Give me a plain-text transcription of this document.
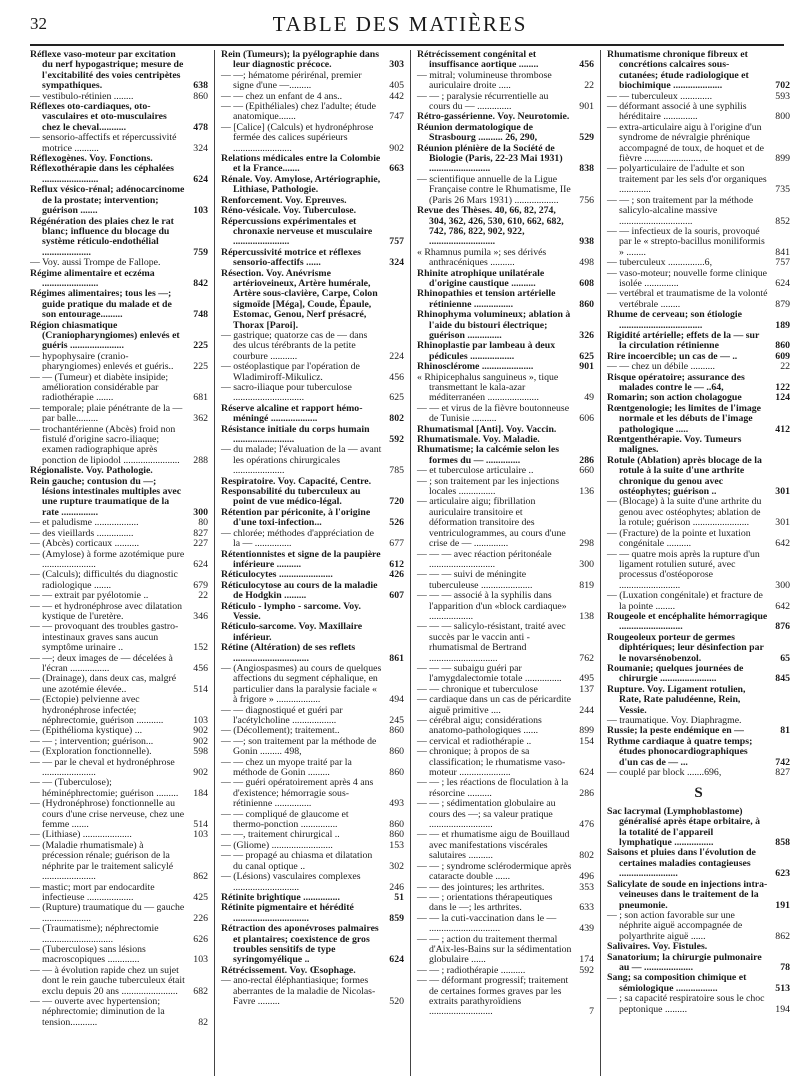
32	TABLE DES MATIÈRES

Réflexe vaso-moteur par excitation du nerf hypogastrique; mesure de l'excitabilité des voies centripètes sympathiques.	638

— vestibulo-rétinien ........	860

Réflexes oto-cardiaques, oto-vasculaires et oto-musculaires chez le cheval...........	478

— sensorio-affectifs et répercussivité motrice ..........	324

Réflexogènes. Voy. Fonctions.

Réflexothérapie dans les céphalées .......................	624

Reflux vésico-rénal; adénocarcinome de la prostate; intervention; guérison .......	103

Régénération des plaies chez le rat blanc; influence du blocage du système réticulo-endothélial ....................	759

— Voy. aussi Trompe de Fallope.

Régime alimentaire et eczéma .......................	842

Régimes alimentaires; tous les —; guide pratique du malade et de son entourage.........	748

Région chiasmatique (Craniopharyngiomes) enlevés et guéris ......................	225

— hypophysaire (cranio-pharyngiomes) enlevés et guéris.. 225

— — (Tumeur) et diabète insipide; amélioration considérable par radiothérapie .......	681

— temporale; plaie pénétrante de la — par balle.........	362

— trochantérienne (Abcès) froid non fistulé d'origine sacro-iliaque; examen radiographique après ponction de lipiodol ....................... 288

Régionaliste. Voy. Pathologie.

Rein gauche; contusion du —; lésions intestinales multiples avec une rupture traumatique de la rate ...............	300

— et paludisme ..................	80

— des vieillards ...............	827

— (Abcès) corticaux ..........	227

— (Amylose) à forme azotémique pure ......................	624

— (Calculs); difficultés du diagnostic radiologique .......	679

— — extrait par pyélotomie ..	22

— — et hydronéphrose avec dilatation kystique de l'uretère.	346

— — provoquant des troubles gastro-intestinaux graves sans aucun symptôme urinaire ..	152

— —; deux images de — décelées à l'écran ................	456

— (Drainage), dans deux cas, malgré une azotémie élevée..	514

— (Ectopie) pelvienne avec hydronéphrose infectée; néphrectomie, guérison ...........	103

— (Epithélioma kystique) ...	902

— — ; intervention; guérison...	902

— (Exploration fonctionnelle).	598

— — par le cheval et hydronéphrose ......................	902

— — (Tuberculose); héminéphrectomie; guérison ......... 184

— (Hydronéphrose) fonctionnelle au cours d'une crise nerveuse, chez une femme .......	514

— (Lithiase) ....................	103

— (Maladie rhumatismale) à précession rénale; guérison de la néphrite par le traitement salicylé ......................	862

— mastic; mort par endocardite infectieuse ...................	425

— (Rupture) traumatique du — gauche ....................	226

— (Traumatisme); néphrectomie .............................	626

— (Tuberculose) sans lésions macroscopiques .............	103

— — à évolution rapide chez un sujet dont le rein gauche tuberculeux était exclu depuis 20 ans ....................... 682

— — ouverte avec hypertension; néphrectomie; diminution de la tension...........	82

Rein (Tumeurs); la pyélographie dans leur diagnostic précoce.	303

— —; hématome périrénal, premier signe d'une —.........	405

— — chez un enfant de 4 ans..	442

— — (Epithéliales) chez l'adulte; étude anatomique.......	747

— [Calice] (Calculs) et hydronéphrose fermée des calices supérieurs ........................	902

Relations médicales entre la Colombie et la France.......	663

Rénale. Voy. Amylose, Artériographie, Lithiase, Pathologie.

Renforcement. Voy. Epreuves.

Réno-vésicale. Voy. Tuberculose.

Répercussions expérimentales et chronaxie nerveuse et musculaire .......................	757

Répercussivité motrice et réflexes sensorio-affectifs ......	324

Résection. Voy. Anévrisme artérioveineux, Artère humérale, Artère sous-clavière, Carpe, Colon sigmoïde [Méga], Coude, Épaule, Estomac, Genou, Nerf présacré, Thorax [Paroi].

— gastrique; quatorze cas de — dans des ulcus térébrants de la petite courbure ...........	224

— ostéoplastique par l'opération de Wladimiroff-Mikulicz.	456

— sacro-iliaque pour tuberculose .............................	625

Réserve alcaline et rapport hémo-méningé ...................	802

Résistance initiale du corps humain .........................	592

— du malade; l'évaluation de la — avant les opérations chirurgicales .....................	785

Respiratoire. Voy. Capacité, Centre.

Responsabilité du tuberculeux au point de vue médico-légal.	720

Rétention par périconite, à l'origine d'une toxi-infection...	526

— chlorée; méthodes d'appréciation de la — ...............	677

Rétentionnistes et signe de la paupière inférieure ..........	612

Réticulocytes ......................	426

Réticulocytose au cours de la maladie de Hodgkin .........	607

Réticulo - lympho - sarcome. Voy. Vessie.

Réticulo-sarcome. Voy. Maxillaire inférieur.

Rétine (Altération) de ses reflets ...............................	861

— (Angiospasmes) au cours de quelques affections du segment céphalique, en particulier dans la paralysie faciale « à frigore » ..................	494

— — diagnostiqué et guéri par l'acétylcholine ..................	245

— (Décollement); traitement..	860

— —; son traitement par la méthode de Gonin ......... 498,	860

— — chez un myope traité par la méthode de Gonin .........	860

— — guéri opératoirement après 4 ans d'existence; hémorragie sous-rétinienne ...............	493

— — compliqué de glaucome et thermo-ponction ...............	860

— —, traitement chirurgical ..	860

— (Gliome) .........................	153

— — propagé au chiasma et dilatation du canal optique ..	302

— (Lésions) vasculaires complexes ...........................	246

Rétinite brightique ...............	51

Rétinite pigmentaire et hérédité ...............................	859

Rétraction des aponévroses palmaires et plantaires; coexistence de gros troubles sensitifs de type syringomyélique ..	624

Rétrécissement. Voy. Œsophage.

— ano-rectal éléphantiasique; formes aberrantes de la maladie de Nicolas-Favre .........	520

Rétrécissement congénital et insuffisance aortique ........	456

— mitral; volumineuse thrombose auriculaire droite .....	22

— — ; paralysie récurrentielle au cours du — ..............	901

Rétro-gassérienne. Voy. Neurotomie.

Réunion dermatologique de Strasbourg .......... 26, 290,	529

Réunion plénière de la Société de Biologie (Paris, 22-23 Mai 1931) .........................	838

— scientifique annuelle de la Ligue Française contre le Rhumatisme, IIe (Paris 26 Mars 1931) .................. 756

Revue des Thèses. 40, 66, 82, 274, 304, 362, 426, 530, 610, 662, 682, 742, 786, 822, 902, 922, ...........................	938

« Rhamnus pumila »; ses dérivés anthracéniques ..........	498

Rhinite atrophique unilatérale d'origine caustique ..........	608

Rhinopathies et tension artérielle rétinienne ................	860

Rhinophyma volumineux; ablation à l'aide du bistouri électrique; guérison ..............	326

Rhinoplastie par lambeau à deux pédicules ..................	625

Rhinosclérome .....................	901

« Rhipicephalus sanguineus », tique transmettant le kala-azar méditerranéen .....................	49

— — et virus de la fièvre boutonneuse de Tunisie ..........	606

Rhumatismal [Anti]. Voy. Vaccin.

Rhumatismale. Voy. Maladie.

Rhumatisme; la calcémie selon les formes du — ..............	286

— et tuberculose articulaire ..	660

— ; son traitement par les injections locales ...............	136

— articulaire aigu; fibrillation auriculaire transitoire et déformation transitoire des ventriculogrammes, au cours d'une crise de — ..............	298

— — — avec réaction péritonéale ...........................	300

— — — suivi de méningite tuberculeuse .....................	819

— — — associé à la syphilis dans l'apparition d'un «block cardiaque» ..................	138

— — — salicylo-résistant, traité avec succès par le vaccin anti - rhumatismal de Bertrand ............................	762

— — — subaigu guéri par l'amygdalectomie totale ............... 495

— — chronique et tuberculose	137

— cardiaque dans un cas de péricardite aiguë primitive ....	244

— cérébral aigu; considérations anatomo-pathologiques ......	899

— cervical et radiothérapie ..	154

— chronique; à propos de sa classification; le rhumatisme vaso-moteur .....................	624

— — ; les réactions de floculation à la résorcine ..........	286

— — ; sédimentation globulaire au cours des —; sa valeur pratique ..........................	476

— — et rhumatisme aigu de Bouillaud avec manifestations viscérales salutaires ..........	802

— — ; syndrome sclérodermique après cataracte double ......	496

— — des jointures; les arthrites.	353

— — ; orientations thérapeutiques dans le —; les arthrites.	633

— — la cuti-vaccination dans le — .............................	439

— — ; action du traitement thermal d'Aix-les-Bains sur la sédimentation globulaire ......	174

— — ; radiothérapie ..........	592

— — déformant progressif; traitement de certaines formes graves par les extraits parathyroïdiens ..........................	7

Rhumatisme chronique fibreux et concrétions calcaires sous-cutanées; étude radiologique et biochimique ....................	702

— — tuberculeux .............	593

— déformant associé à une syphilis héréditaire ..............	800

— extra-articulaire aigu à l'origine d'un syndrome de névralgie phrénique accompagné de toux, de hoquet et de fièvre ..........................	899

— polyarticulaire de l'adulte et son traitement par les sels d'or organiques .............	735

— — ; son traitement par la méthode salicylo-alcaline massive ..............................	852

— — infectieux de la souris, provoqué par le « strepto-bacillus moniliformis » ........	841

— tuberculeux ...............6,	757

— vaso-moteur; nouvelle forme clinique isolée ..............	624

— vertébral et traumatisme de la volonté vertébrale ........	879

Rhume de cerveau; son étiologie ..................................	189

Rigidité artérielle; effets de la — sur la circulation rétinienne	860

Rire incoercible; un cas de — ..	609

— — chez un débile ..........	22

Risque opératoire; assurance des malades contre le — ..64,	122

Romarin; son action cholagogue	124

Rœntgenologie; les limites de l'image normale et les débuts de l'image pathologique .....	412

Rœntgenthérapie. Voy. Tumeurs malignes.

Rotule (Ablation) après blocage de la rotule à la suite d'une arthrite chronique du genou avec ostéophytes; guérison ..	301

— (Blocage) à la suite d'une arthrite du genou avec ostéophytes; ablation de la rotule; guérison .......................	301

— (Fracture) de la pointe et luxation congénitale ..........	642

— — quatre mois après la rupture d'un ligament rotulien suturé, avec processus d'ostéoporose .........................	300

— (Luxation congénitale) et fracture de la pointe ........	642

Rougeole et encéphalite hémorragique ..........................	876

Rougeoleux porteur de germes diphtériques; leur désinfection par le novarsénobenzol.	65

Roumanie; quelques journées de chirurgie .......................	845

Rupture. Voy. Ligament rotulien, Rate, Rate paludéenne, Rein, Vessie.

— traumatique. Voy. Diaphragme.

Russie; la peste endémique en —	81

Rythme cardiaque à quatre temps; études phonocardiographiques d'un cas de — ...	742

— couplé par block .......696,	827

S

Sac lacrymal (Lymphoblastome) généralisé après étape orbitaire, à la totalité de l'appareil lymphatique ................	858

Saisons et pluies dans l'évolution de certaines maladies contagieuses ........................	623

Salicylate de soude en injections intra-veineuses dans le traitement de la pneumonie.	191

— ; son action favorable sur une néphrite aiguë accompagnée de polyarthrite aiguë ......	862

Salivaires. Voy. Fistules.

Sanatorium; la chirurgie pulmonaire au — ....................	78

Sang; sa composition chimique et sémiologique .................	513

— ; sa capacité respiratoire sous le choc peptonique .........	194
